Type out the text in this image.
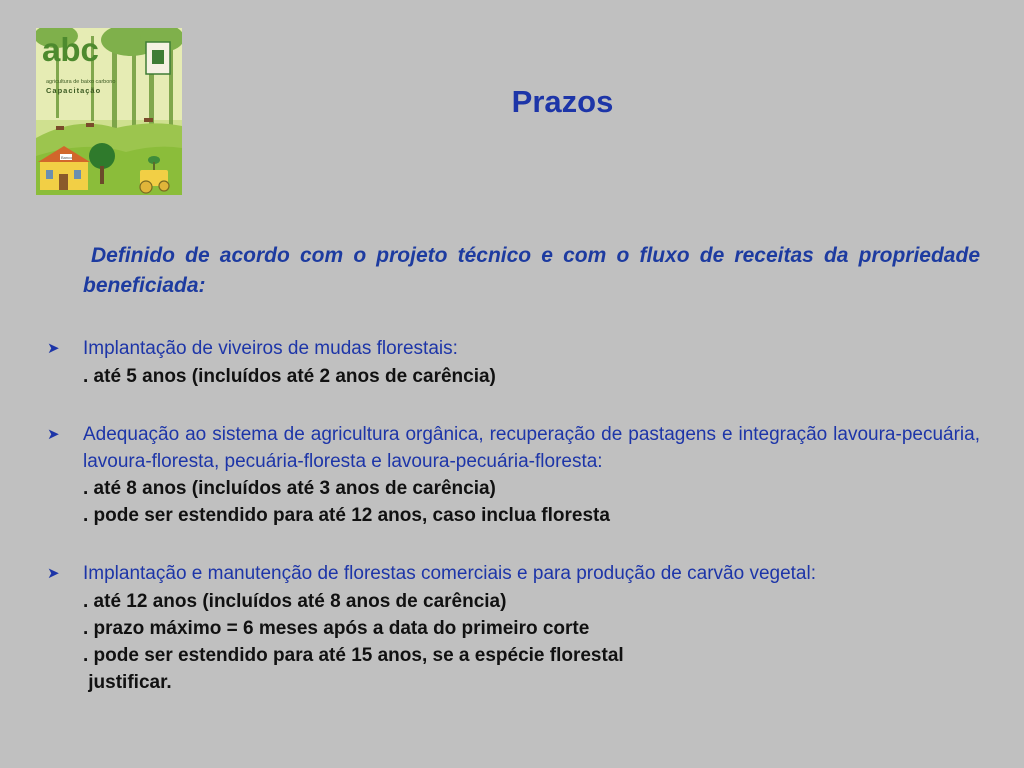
abc
agricultura de baixo carbono
Capacitação
Banco
Prazos

Definido de acordo com o projeto técnico e com o fluxo de receitas da propriedade beneficiada:

➤	Implantação de viveiros de mudas florestais:
. até 5 anos (incluídos até 2 anos de carência)
➤	Adequação ao sistema de agricultura orgânica, recuperação de pastagens e integração lavoura-pecuária, lavoura-floresta, pecuária-floresta e lavoura-pecuária-floresta:
. até 8 anos (incluídos até 3 anos de carência)
. pode ser estendido para até 12 anos, caso inclua floresta
➤	Implantação e manutenção de florestas comerciais e para produção de carvão vegetal:
. até 12 anos (incluídos até 8 anos de carência)
. prazo máximo = 6 meses após a data do primeiro corte
. pode ser estendido para até 15 anos, se a espécie florestal
justificar.
